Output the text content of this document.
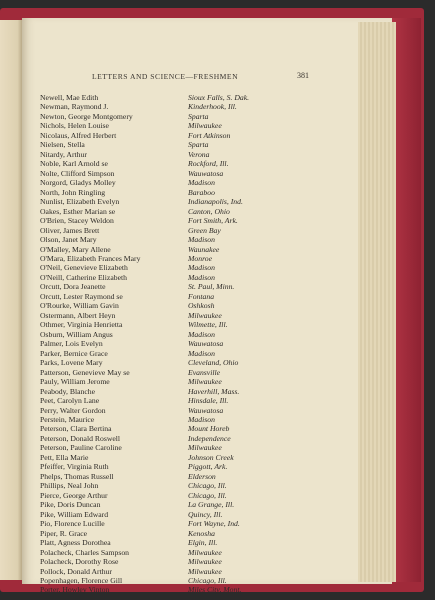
LETTERS AND SCIENCE—FRESHMEN	381
Newell, Mae Edith	Sioux Falls, S. Dak.
Newman, Raymond J.	Kinderhook, Ill.
Newton, George Montgomery	Sparta
Nichols, Helen Louise	Milwaukee
Nicolaus, Alfred Herbert	Fort Atkinson
Nielsen, Stella	Sparta
Nitardy, Arthur	Verona
Noble, Karl Arnold se	Rockford, Ill.
Nolte, Clifford Simpson	Wauwatosa
Norgord, Gladys Molley	Madison
North, John Ringling	Baraboo
Nunlist, Elizabeth Evelyn	Indianapolis, Ind.
Oakes, Esther Marian se	Canton, Ohio
O'Brien, Stacey Weldon	Fort Smith, Ark.
Oliver, James Brett	Green Bay
Olson, Janet Mary	Madison
O'Malley, Mary Allene	Waunakee
O'Mara, Elizabeth Frances Mary	Monroe
O'Neil, Genevieve Elizabeth	Madison
O'Neill, Catherine Elizabeth	Madison
Orcutt, Dora Jeanette	St. Paul, Minn.
Orcutt, Lester Raymond se	Fontana
O'Rourke, William Gavin	Oshkosh
Ostermann, Albert Heyn	Milwaukee
Othmer, Virginia Henrietta	Wilmette, Ill.
Osburn, William Angus	Madison
Palmer, Lois Evelyn	Wauwatosa
Parker, Bernice Grace	Madison
Parks, Lovene Mary	Cleveland, Ohio
Patterson, Genevieve May se	Evansville
Pauly, William Jerome	Milwaukee
Peabody, Blanche	Haverhill, Mass.
Peet, Carolyn Lane	Hinsdale, Ill.
Perry, Walter Gordon	Wauwatosa
Perstein, Maurice	Madison
Peterson, Clara Bertina	Mount Horeb
Peterson, Donald Roswell	Independence
Peterson, Pauline Caroline	Milwaukee
Pett, Ella Marie	Johnson Creek
Pfeiffer, Virginia Ruth	Piggott, Ark.
Phelps, Thomas Russell	Elderson
Phillips, Neal John	Chicago, Ill.
Pierce, George Arthur	Chicago, Ill.
Pike, Doris Duncan	La Grange, Ill.
Pike, William Edward	Quincy, Ill.
Pio, Florence Lucille	Fort Wayne, Ind.
Piper, R. Grace	Kenosha
Platt, Agness Dorothea	Elgin, Ill.
Polacheck, Charles Sampson	Milwaukee
Polacheck, Dorothy Rose	Milwaukee
Pollock, Donald Arthur	Milwaukee
Popenhagen, Florence Gill	Chicago, Ill.
Porter, Howley Vinton	Miles City, Mont.
